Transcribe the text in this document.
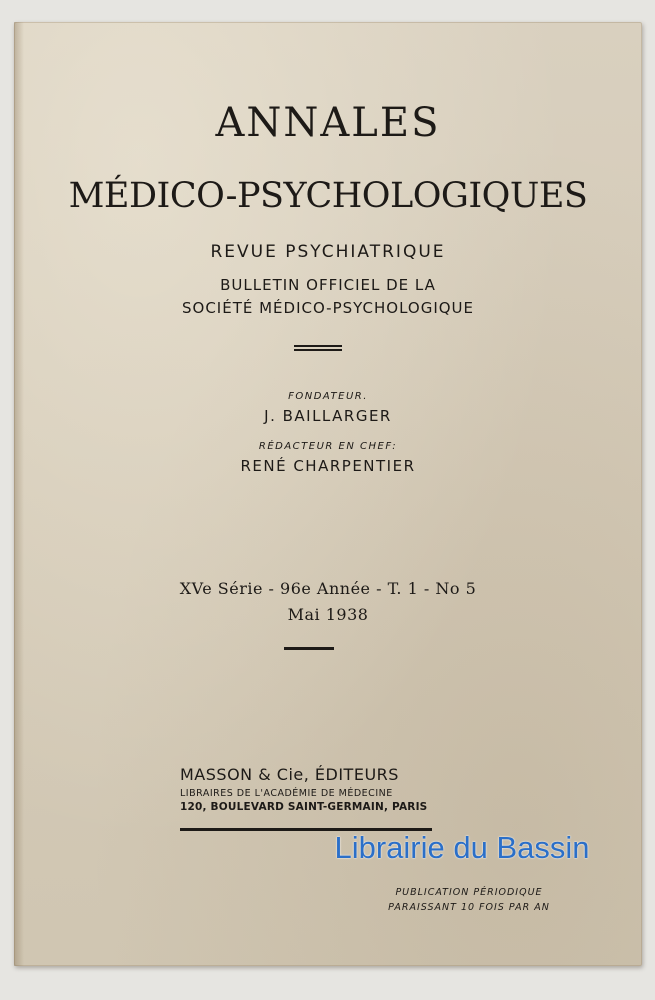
ANNALES
MÉDICO-PSYCHOLOGIQUES
REVUE PSYCHIATRIQUE
BULLETIN OFFICIEL DE LA
SOCIÉTÉ MÉDICO-PSYCHOLOGIQUE
FONDATEUR.
J. BAILLARGER
RÉDACTEUR EN CHEF:
RENÉ CHARPENTIER
XVe Série - 96e Année - T. 1 - No 5
Mai 1938
MASSON & Cie, ÉDITEURS
LIBRAIRES DE L'ACADÉMIE DE MÉDECINE
120, BOULEVARD SAINT-GERMAIN, PARIS
PUBLICATION PÉRIODIQUE
PARAISSANT 10 FOIS PAR AN
Librairie du Bassin
